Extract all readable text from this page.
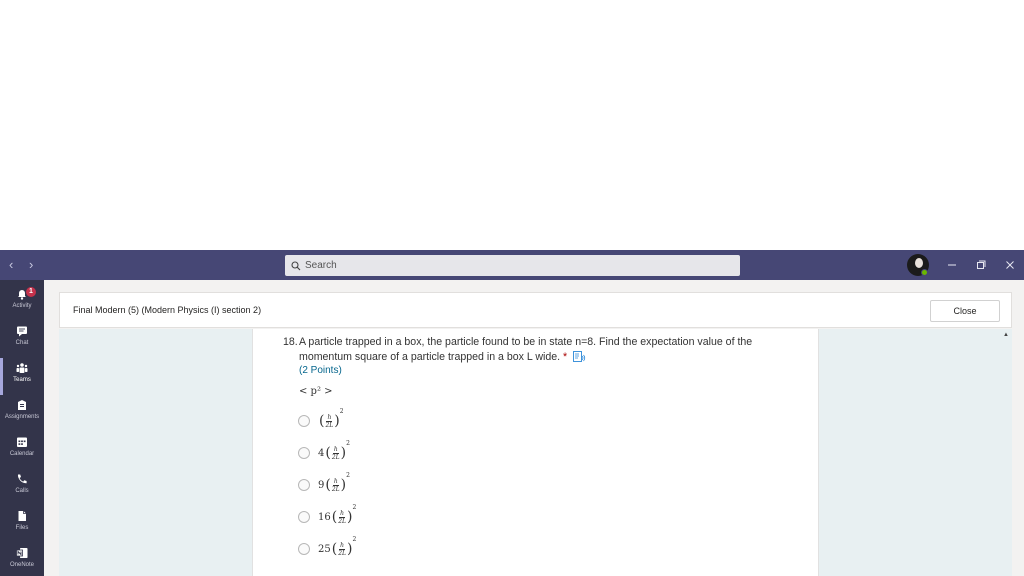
‹ ›
Search
1
Activity
Chat
Teams
Assignments
Calendar
Calls
Files
OneNote
Final Modern (5) (Modern Physics (I) section 2)	Close
18. A particle trapped in a box, the particle found to be in state n=8. Find the expectation value of the momentum square of a particle trapped in a box L wide. *
(2 Points)
< p² >
( $\frac{h}{2L}$ )
2
4 ( $\frac{h}{2L}$ )
2
9 ( $\frac{h}{2L}$ )
2
16 ( $\frac{h}{2L}$ )
2
25 ( $\frac{h}{2L}$ )
2
▲
